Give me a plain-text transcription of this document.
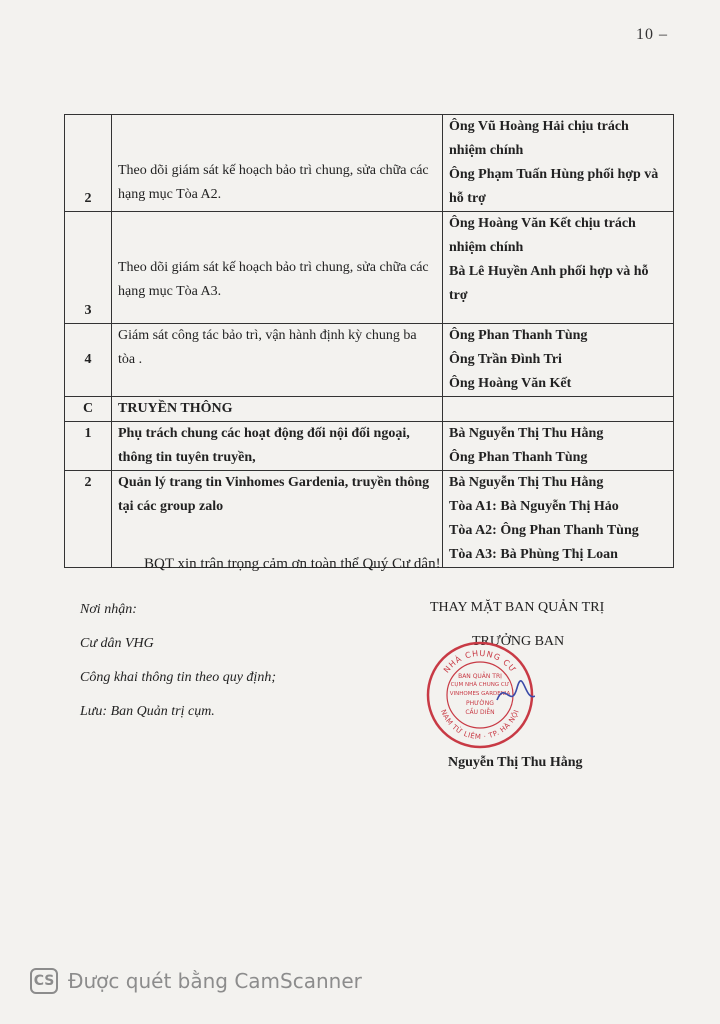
10 –
2	Theo dõi giám sát kế hoạch bảo trì chung, sửa chữa các hạng mục Tòa A2.	Ông Vũ Hoàng Hải chịu trách nhiệm chính
Ông Phạm Tuấn Hùng phối hợp và hỗ trợ

3	Theo dõi giám sát kế hoạch bảo trì chung, sửa chữa các hạng mục Tòa A3.	Ông Hoàng Văn Kết chịu trách nhiệm chính
Bà Lê Huyền Anh phối hợp và hỗ trợ

4	Giám sát công tác bảo trì, vận hành định kỳ chung ba tòa .	Ông Phan Thanh Tùng
Ông Trần Đình Tri
Ông Hoàng Văn Kết

C	TRUYỀN THÔNG	
1	Phụ trách chung các hoạt động đối nội đối ngoại, thông tin tuyên truyền,	Bà Nguyễn Thị Thu Hằng
Ông Phan Thanh Tùng

2	Quản lý trang tin Vinhomes Gardenia, truyền thông tại các group zalo	Bà Nguyễn Thị Thu Hằng
Tòa A1: Bà Nguyễn Thị Hảo
Tòa A2: Ông Phan Thanh Tùng
Tòa A3: Bà Phùng Thị Loan
BQT xin trân trọng cảm ơn toàn thể Quý Cư dân!
Nơi nhận:
Cư dân VHG
Công khai thông tin theo quy định;
Lưu: Ban Quản trị cụm.
THAY MẶT BAN QUẢN TRỊ
TRƯỞNG BAN
NHÀ CHUNG CƯ
NAM TỪ LIÊM · TP. HÀ NỘI
BAN QUẢN TRỊ
CỤM NHÀ CHUNG CƯ
VINHOMES GARDENIA
PHƯỜNG
CẦU DIỄN
Nguyễn Thị Thu Hằng
CS Được quét bằng CamScanner
